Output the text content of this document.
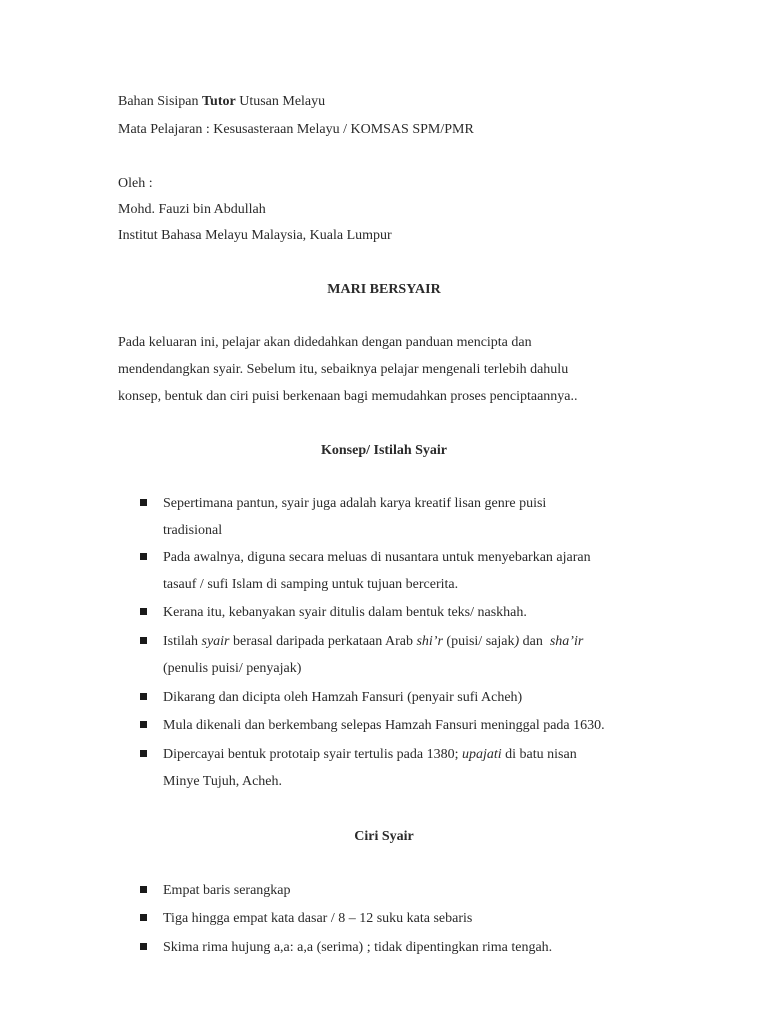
Bahan Sisipan Tutor Utusan Melayu
Mata Pelajaran : Kesusasteraan Melayu / KOMSAS SPM/PMR
Oleh :
Mohd. Fauzi bin Abdullah
Institut Bahasa Melayu Malaysia, Kuala Lumpur
MARI BERSYAIR
Pada keluaran ini, pelajar akan didedahkan dengan panduan mencipta dan
mendendangkan syair. Sebelum itu, sebaiknya pelajar mengenali terlebih dahulu
konsep, bentuk dan ciri puisi berkenaan bagi memudahkan proses penciptaannya..
Konsep/ Istilah Syair
Sepertimana pantun, syair juga adalah karya kreatif lisan genre puisi
tradisional
Pada awalnya, diguna secara meluas di nusantara untuk menyebarkan ajaran
tasauf / sufi Islam di samping untuk tujuan bercerita.
Kerana itu, kebanyakan syair ditulis dalam bentuk teks/ naskhah.
Istilah syair berasal daripada perkataan Arab shi’r (puisi/ sajak) dan  sha’ir
(penulis puisi/ penyajak)
Dikarang dan dicipta oleh Hamzah Fansuri (penyair sufi Acheh)
Mula dikenali dan berkembang selepas Hamzah Fansuri meninggal pada 1630.
Dipercayai bentuk prototaip syair tertulis pada 1380; upajati di batu nisan
Minye Tujuh, Acheh.
Ciri Syair
Empat baris serangkap
Tiga hingga empat kata dasar / 8 – 12 suku kata sebaris
Skima rima hujung a,a: a,a (serima) ; tidak dipentingkan rima tengah.
